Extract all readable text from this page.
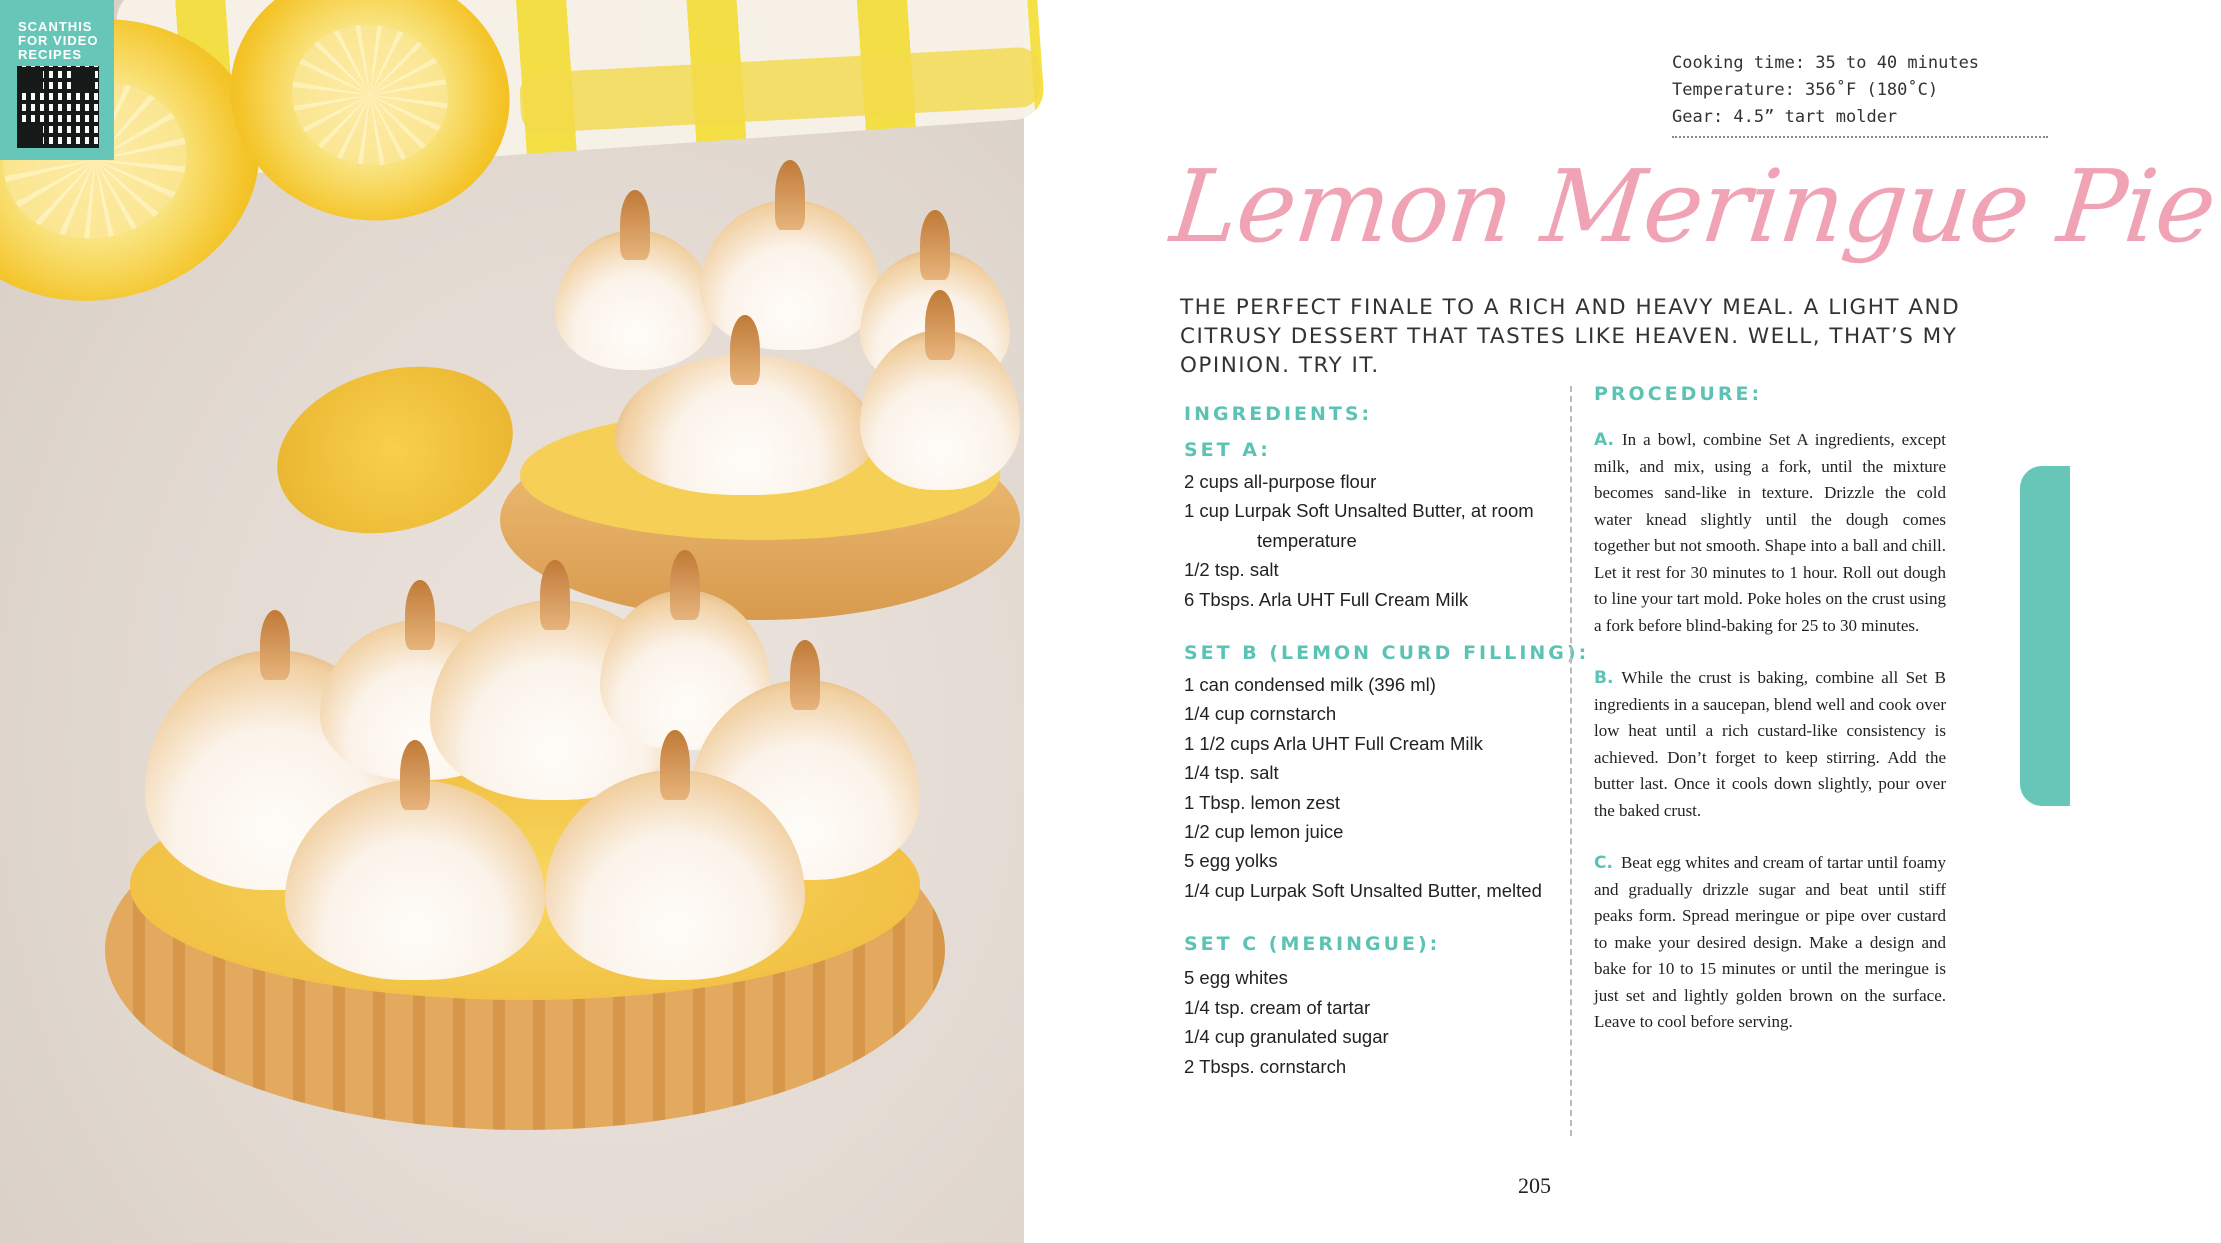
SCANTHIS FOR VIDEO RECIPES	Cooking time: 35 to 40 minutes
Temperature: 356˚F (180˚C)
Gear: 4.5” tart molder
Lemon Meringue Pie
THE PERFECT FINALE TO A RICH AND HEAVY MEAL. A LIGHT AND CITRUSY DESSERT THAT TASTES LIKE HEAVEN. WELL, THAT’S MY OPINION. TRY IT.
INGREDIENTS:
SET A:
2 cups all-purpose flour
1 cup Lurpak Soft Unsalted Butter, at room temperature
1/2 tsp. salt
6 Tbsps. Arla UHT Full Cream Milk
SET B (LEMON CURD FILLING):
1 can condensed milk (396 ml)
1/4 cup cornstarch
1 1/2 cups Arla UHT Full Cream Milk
1/4 tsp. salt
1 Tbsp. lemon zest
1/2 cup lemon juice
5 egg yolks
1/4 cup Lurpak Soft Unsalted Butter, melted
SET C (MERINGUE):
5 egg whites
1/4 tsp. cream of tartar
1/4 cup granulated sugar
2 Tbsps. cornstarch
PROCEDURE:

A. In a bowl, combine Set A ingredients, except milk, and mix, using a fork, until the mixture becomes sand-like in texture. Drizzle the cold water knead slightly until the dough comes together but not smooth. Shape into a ball and chill. Let it rest for 30 minutes to 1 hour. Roll out dough to line your tart mold. Poke holes on the crust using a fork before blind-baking for 25 to 30 minutes.

B. While the crust is baking, combine all Set B ingredients in a saucepan, blend well and cook over low heat until a rich custard-like consistency is achieved. Don’t forget to keep stirring. Add the butter last. Once it cools down slightly, pour over the baked crust.

C. Beat egg whites and cream of tartar until foamy and gradually drizzle sugar and beat until stiff peaks form. Spread meringue or pipe over custard to make your desired design. Make a design and bake for 10 to 15 minutes or until the meringue is just set and lightly golden brown on the surface. Leave to cool before serving.

205
